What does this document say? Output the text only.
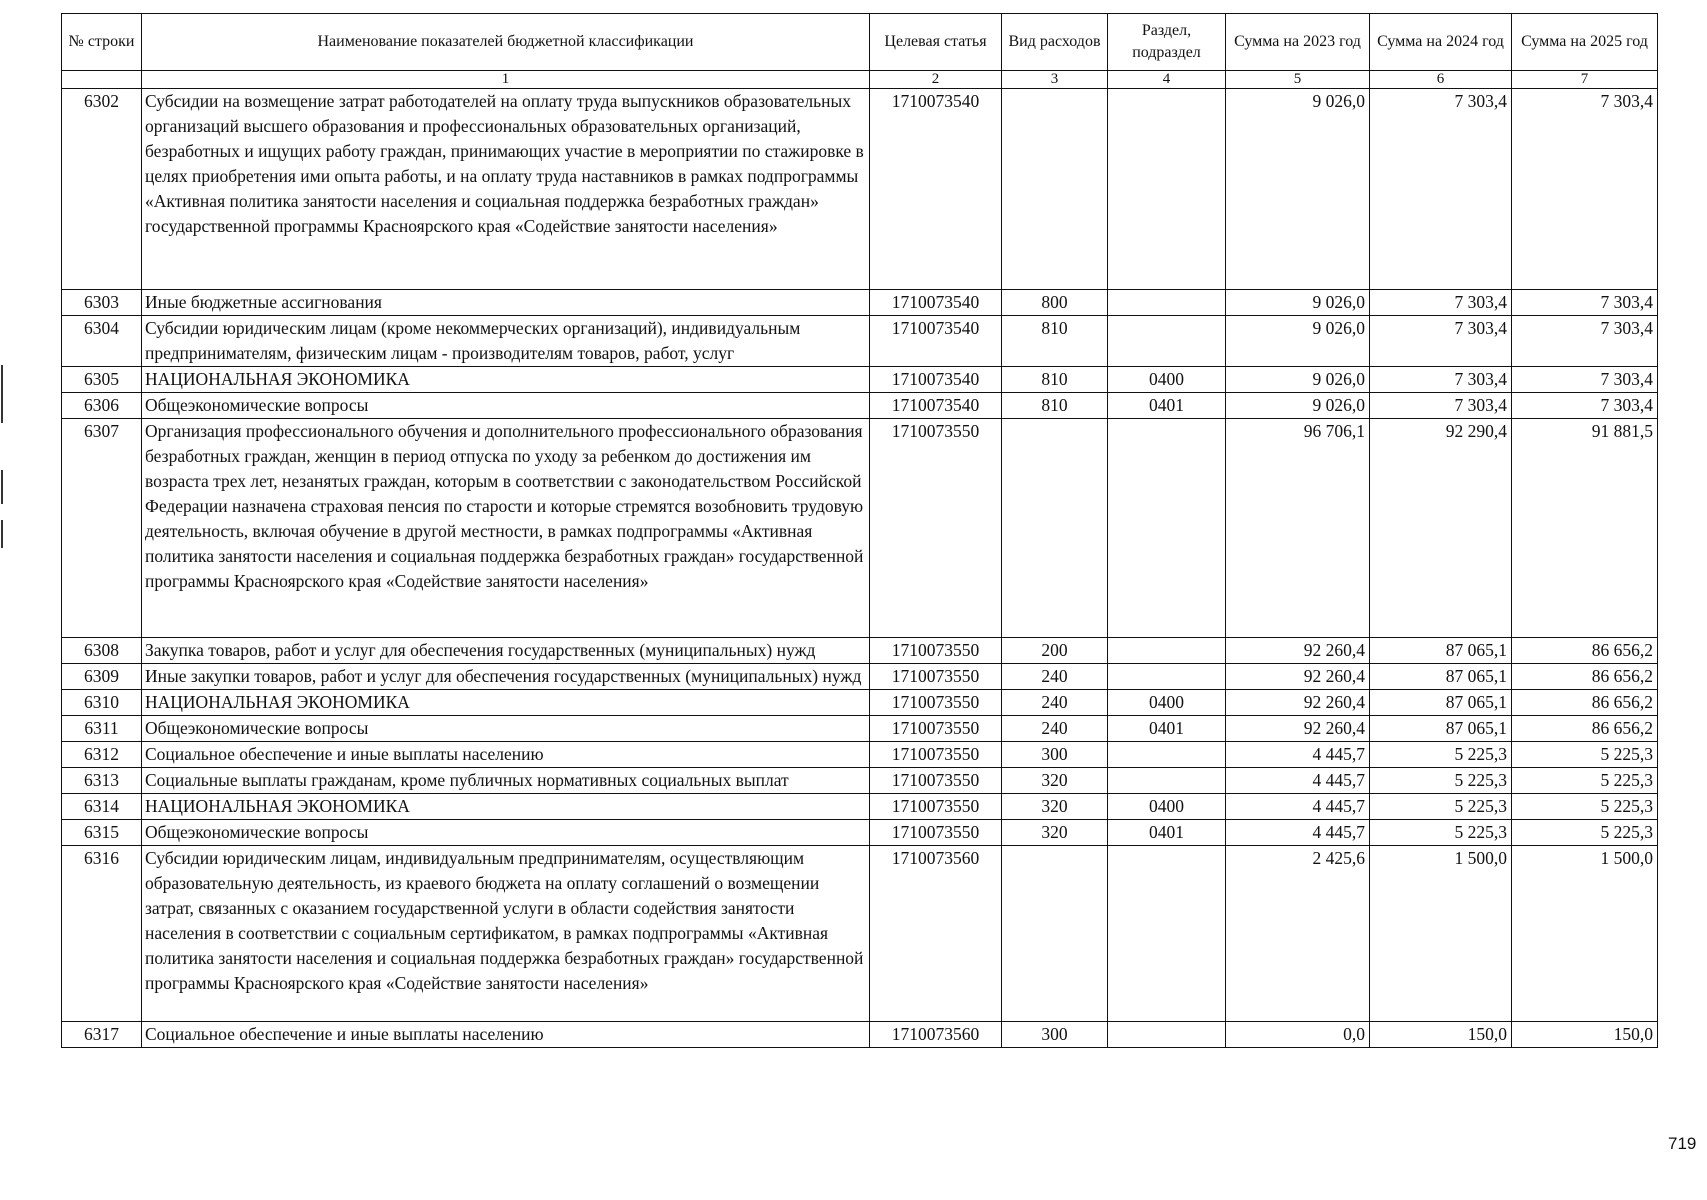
№ строки	Наименование показателей бюджетной классификации	Целевая статья	Вид расходов	Раздел, подраздел	Сумма на 2023 год	Сумма на 2024 год	Сумма на 2025 год
	1	2	3	4	5	6	7
6302	Субсидии на возмещение затрат работодателей на оплату труда выпускников образовательных организаций высшего образования и профессиональных образовательных организаций, безработных и ищущих работу граждан, принимающих участие в мероприятии по стажировке в целях приобретения ими опыта работы, и на оплату труда наставников в рамках подпрограммы «Активная политика занятости населения и социальная поддержка безработных граждан» государственной программы Красноярского края «Содействие занятости населения»	1710073540			9 026,0	7 303,4	7 303,4
6303	Иные бюджетные ассигнования	1710073540	800		9 026,0	7 303,4	7 303,4
6304	Субсидии юридическим лицам (кроме некоммерческих организаций), индивидуальным предпринимателям, физическим лицам - производителям товаров, работ, услуг	1710073540	810		9 026,0	7 303,4	7 303,4
6305	НАЦИОНАЛЬНАЯ ЭКОНОМИКА	1710073540	810	0400	9 026,0	7 303,4	7 303,4
6306	Общеэкономические вопросы	1710073540	810	0401	9 026,0	7 303,4	7 303,4
6307	Организация профессионального обучения и дополнительного профессионального образования безработных граждан, женщин в период отпуска по уходу за ребенком до достижения им возраста трех лет, незанятых граждан, которым в соответствии с законодательством Российской Федерации назначена страховая пенсия по старости и которые стремятся возобновить трудовую деятельность, включая обучение в другой местности, в рамках подпрограммы «Активная политика занятости населения и социальная поддержка безработных граждан» государственной программы Красноярского края «Содействие занятости населения»	1710073550			96 706,1	92 290,4	91 881,5
6308	Закупка товаров, работ и услуг для обеспечения государственных (муниципальных) нужд	1710073550	200		92 260,4	87 065,1	86 656,2
6309	Иные закупки товаров, работ и услуг для обеспечения государственных (муниципальных) нужд	1710073550	240		92 260,4	87 065,1	86 656,2
6310	НАЦИОНАЛЬНАЯ ЭКОНОМИКА	1710073550	240	0400	92 260,4	87 065,1	86 656,2
6311	Общеэкономические вопросы	1710073550	240	0401	92 260,4	87 065,1	86 656,2
6312	Социальное обеспечение и иные выплаты населению	1710073550	300		4 445,7	5 225,3	5 225,3
6313	Социальные выплаты гражданам, кроме публичных нормативных социальных выплат	1710073550	320		4 445,7	5 225,3	5 225,3
6314	НАЦИОНАЛЬНАЯ ЭКОНОМИКА	1710073550	320	0400	4 445,7	5 225,3	5 225,3
6315	Общеэкономические вопросы	1710073550	320	0401	4 445,7	5 225,3	5 225,3
6316	Субсидии юридическим лицам, индивидуальным предпринимателям, осуществляющим образовательную деятельность, из краевого бюджета на оплату соглашений о возмещении затрат, связанных с оказанием государственной услуги в области содействия занятости населения в соответствии с социальным сертификатом, в рамках подпрограммы «Активная политика занятости населения и социальная поддержка безработных граждан» государственной программы Красноярского края «Содействие занятости населения»	1710073560			2 425,6	1 500,0	1 500,0
6317	Социальное обеспечение и иные выплаты населению	1710073560	300		0,0	150,0	150,0
719
